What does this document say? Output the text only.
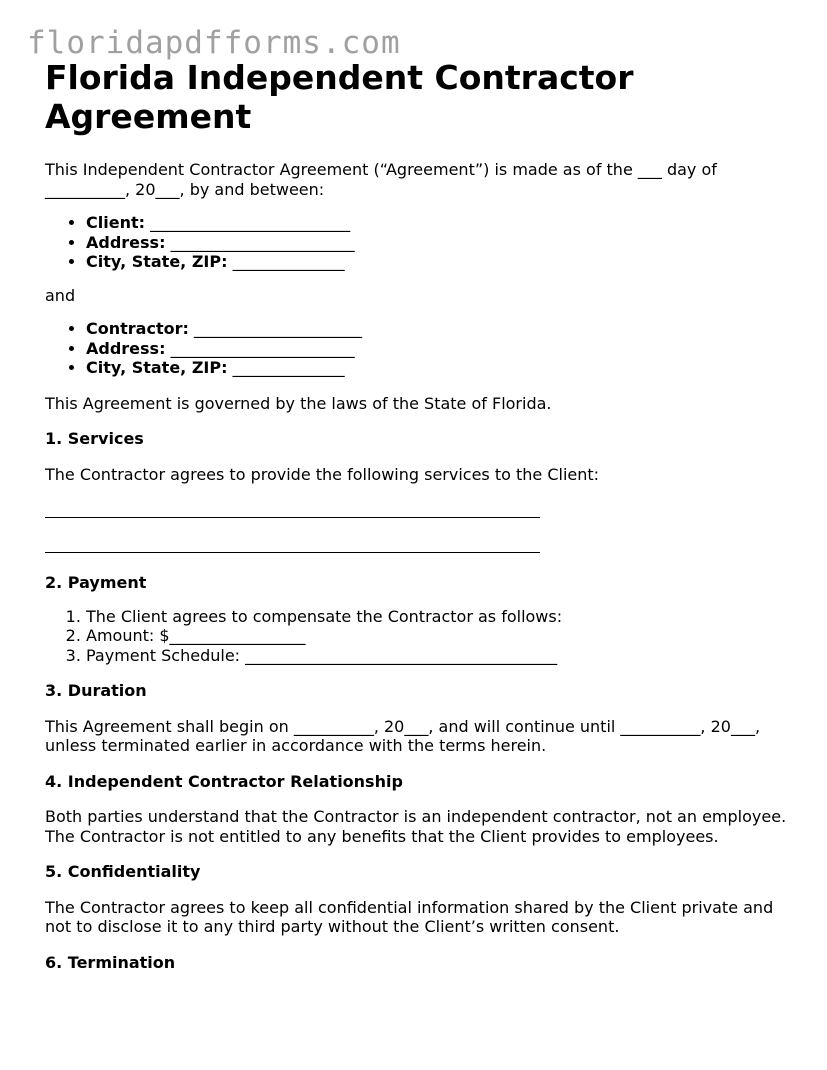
floridapdfforms.com
Florida Independent Contractor Agreement

This Independent Contractor Agreement (“Agreement”) is made as of the ___ day of __________, 20___, by and between:

• Client: _________________________
• Address: _______________________
• City, State, ZIP: ______________

and

• Contractor: _____________________
• Address: _______________________
• City, State, ZIP: ______________

This Agreement is governed by the laws of the State of Florida.

1. Services

The Contractor agrees to provide the following services to the Client:

2. Payment
1. The Client agrees to compensate the Contractor as follows:
2. Amount: $_________________
3. Payment Schedule: _______________________________________
3. Duration

This Agreement shall begin on __________, 20___, and will continue until __________, 20___, unless terminated earlier in accordance with the terms herein.

4. Independent Contractor Relationship

Both parties understand that the Contractor is an independent contractor, not an employee. The Contractor is not entitled to any benefits that the Client provides to employees.

5. Confidentiality

The Contractor agrees to keep all confidential information shared by the Client private and not to disclose it to any third party without the Client’s written consent.

6. Termination
